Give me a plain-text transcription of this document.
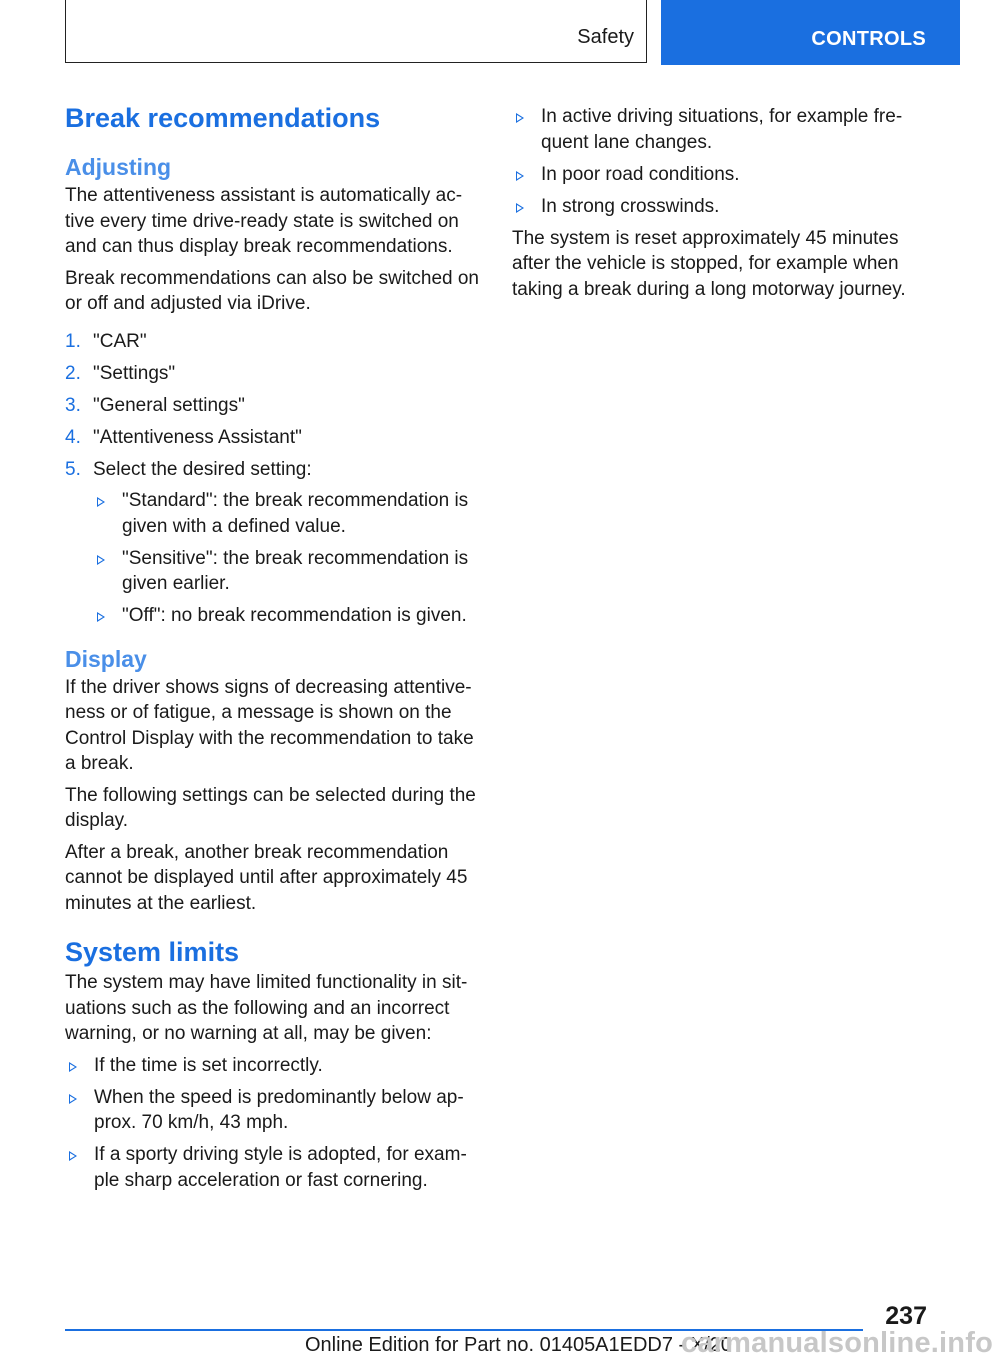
Safety	CONTROLS
Break recommendations
Adjusting

The attentiveness assistant is automatically ac‐ tive every time drive-ready state is switched on and can thus display break recommendations.

Break recommendations can also be switched on or off and adjusted via iDrive.

1. "CAR"
2. "Settings"
3. "General settings"
4. "Attentiveness Assistant"
5. Select the desired setting:
"Standard": the break recommendation is given with a defined value.
"Sensitive": the break recommendation is given earlier.
"Off": no break recommendation is given.
Display

If the driver shows signs of decreasing attentive‐ ness or of fatigue, a message is shown on the Control Display with the recommendation to take a break.

The following settings can be selected during the display.

After a break, another break recommendation cannot be displayed until after approximately 45 minutes at the earliest.

System limits

The system may have limited functionality in sit‐ uations such as the following and an incorrect warning, or no warning at all, may be given:

If the time is set incorrectly.
When the speed is predominantly below ap‐ prox. 70 km/h, 43 mph.
If a sporty driving style is adopted, for exam‐ ple sharp acceleration or fast cornering.
In active driving situations, for example fre‐ quent lane changes.
In poor road conditions.
In strong crosswinds.

The system is reset approximately 45 minutes after the vehicle is stopped, for example when taking a break during a long motorway journey.

237
Online Edition for Part no. 01405A1EDD7 - X/20
carmanualsonline.info
